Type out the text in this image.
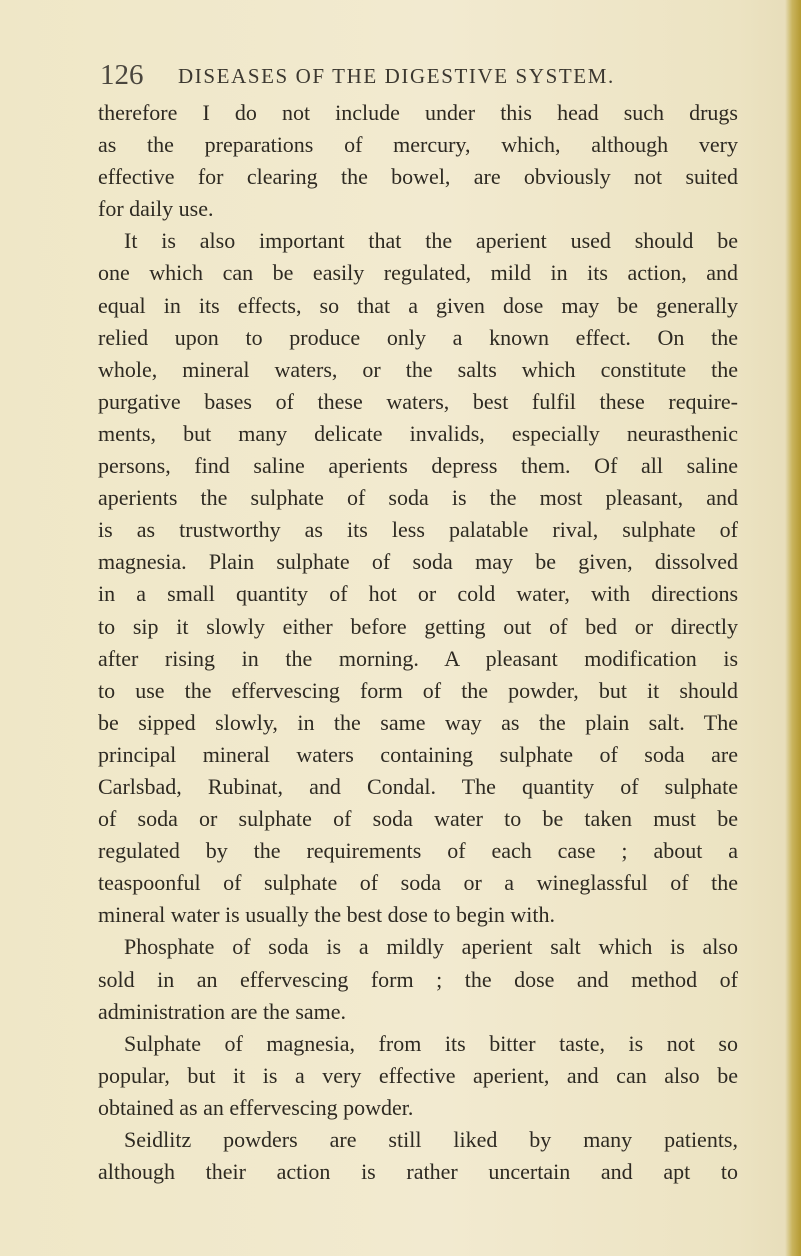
126 DISEASES OF THE DIGESTIVE SYSTEM.
therefore I do not include under this head such drugs
as the preparations of mercury, which, although very
effective for clearing the bowel, are obviously not suited
for daily use.
It is also important that the aperient used should be
one which can be easily regulated, mild in its action, and
equal in its effects, so that a given dose may be generally
relied upon to produce only a known effect. On the
whole, mineral waters, or the salts which constitute the
purgative bases of these waters, best fulfil these require-
ments, but many delicate invalids, especially neurasthenic
persons, find saline aperients depress them. Of all saline
aperients the sulphate of soda is the most pleasant, and
is as trustworthy as its less palatable rival, sulphate of
magnesia. Plain sulphate of soda may be given, dissolved
in a small quantity of hot or cold water, with directions
to sip it slowly either before getting out of bed or directly
after rising in the morning. A pleasant modification is
to use the effervescing form of the powder, but it should
be sipped slowly, in the same way as the plain salt. The
principal mineral waters containing sulphate of soda are
Carlsbad, Rubinat, and Condal. The quantity of sulphate
of soda or sulphate of soda water to be taken must be
regulated by the requirements of each case ; about a
teaspoonful of sulphate of soda or a wineglassful of the
mineral water is usually the best dose to begin with.
Phosphate of soda is a mildly aperient salt which is also
sold in an effervescing form ; the dose and method of
administration are the same.
Sulphate of magnesia, from its bitter taste, is not so
popular, but it is a very effective aperient, and can also be
obtained as an effervescing powder.
Seidlitz powders are still liked by many patients,
although their action is rather uncertain and apt to
